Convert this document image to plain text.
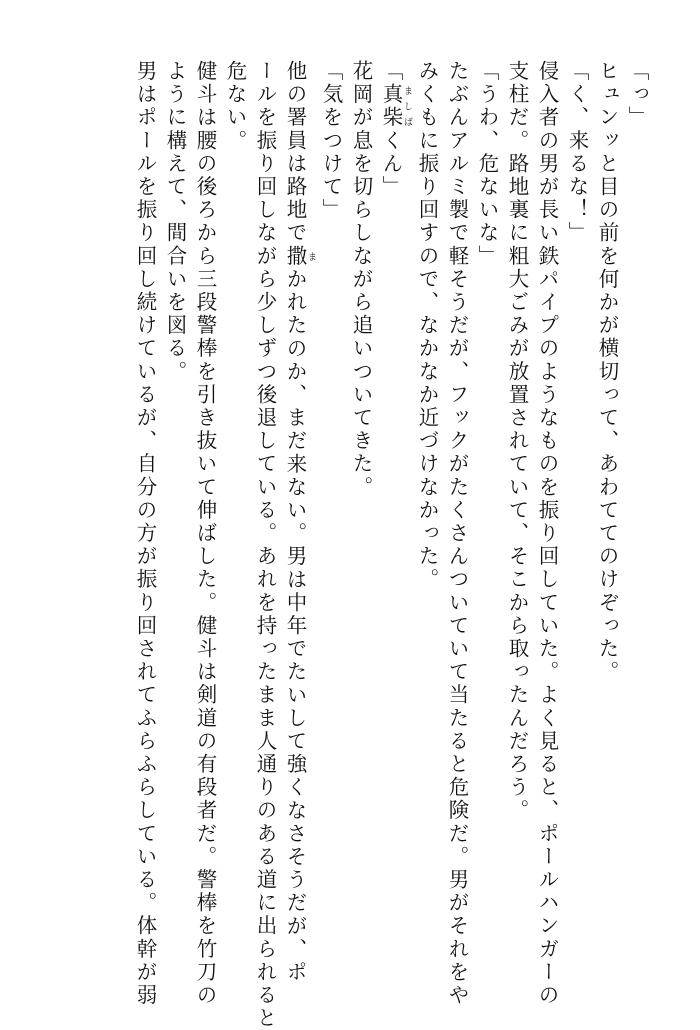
「っ」
ヒュンッと目の前を何かが横切って、あわててのけぞった。
「く、来るな！」
侵入者の男が長い鉄パイプのようなものを振り回していた。よく見ると、ポールハンガーの
支柱だ。路地裏に粗大ごみが放置されていて、そこから取ったんだろう。
「うわ、危ないな」
たぶんアルミ製で軽そうだが、フックがたくさんついていて当たると危険だ。男がそれをや
みくもに振り回すので、なかなか近づけなかった。
「真柴 ましばくん」
花岡が息を切らしながら追いついてきた。
「気をつけて」
他の署員は路地で撒 まかれたのか、まだ来ない。男は中年でたいして強くなさそうだが、ポ
ールを振り回しながら少しずつ後退している。あれを持ったまま人通りのある道に出られると
危ない。
健斗は腰の後ろから三段警棒を引き抜いて伸ばした。健斗は剣道の有段者だ。警棒を竹刀の
ように構えて、間合いを図る。
男はポールを振り回し続けているが、自分の方が振り回されてふらふらしている。体幹が弱
